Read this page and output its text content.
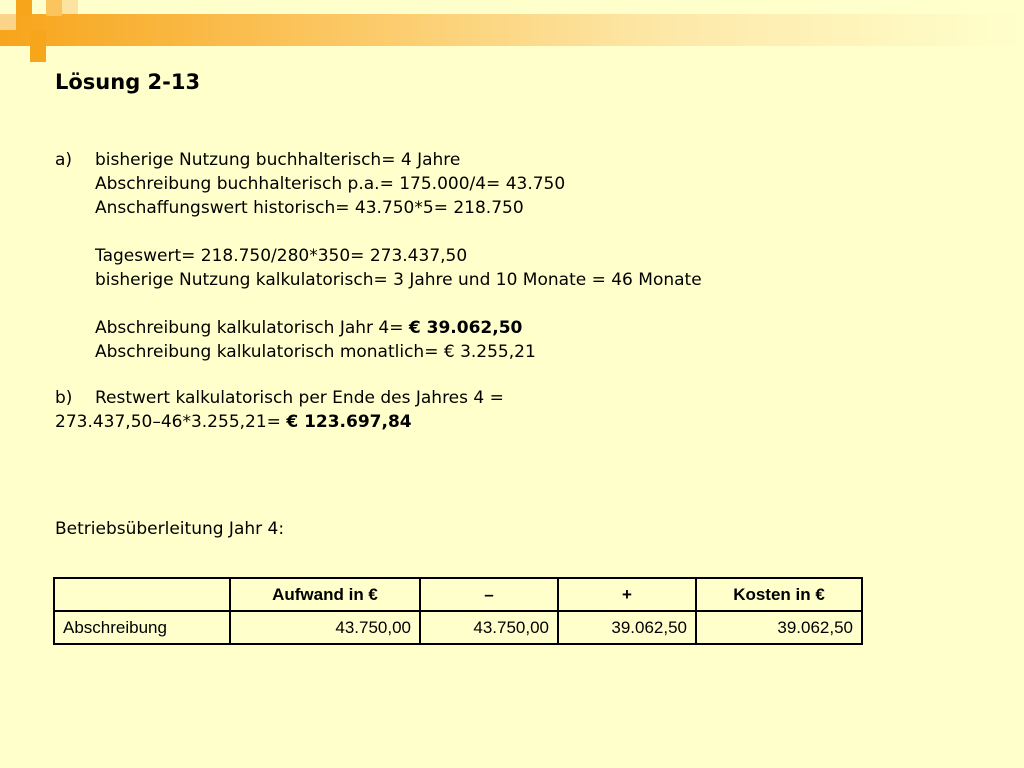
Lösung 2-13
a) bisherige Nutzung buchhalterisch= 4 Jahre
Abschreibung buchhalterisch p.a.= 175.000/4= 43.750
Anschaffungswert historisch= 43.750*5= 218.750
Tageswert= 218.750/280*350= 273.437,50
bisherige Nutzung kalkulatorisch= 3 Jahre und 10 Monate = 46 Monate
Abschreibung kalkulatorisch Jahr 4= € 39.062,50
Abschreibung kalkulatorisch monatlich= € 3.255,21
b) Restwert kalkulatorisch per Ende des Jahres 4 =
273.437,50–46*3.255,21= € 123.697,84
Betriebsüberleitung Jahr 4:
	Aufwand in €	–	+	Kosten in €
Abschreibung	43.750,00	43.750,00	39.062,50	39.062,50
